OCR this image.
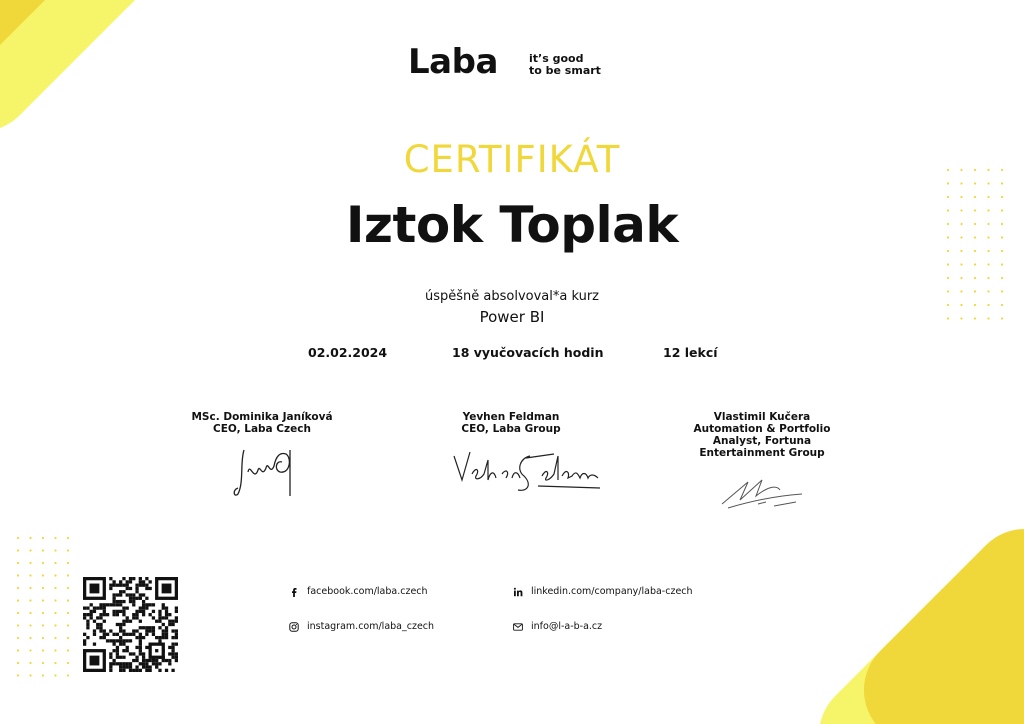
Laba	it’s good
to be smart
CERTIFIKÁT
Iztok Toplak
úspěšně absolvoval*a kurz
Power BI
02.02.2024	18 vyučovacích hodin	12 lekcí
MSc. Dominika Janíková
CEO, Laba Czech
Yevhen Feldman
CEO, Laba Group
Vlastimil Kučera
Automation & Portfolio
Analyst, Fortuna
Entertainment Group
facebook.com/laba.czech	linkedin.com/company/laba-czech
instagram.com/laba_czech	info@l-a-b-a.cz
